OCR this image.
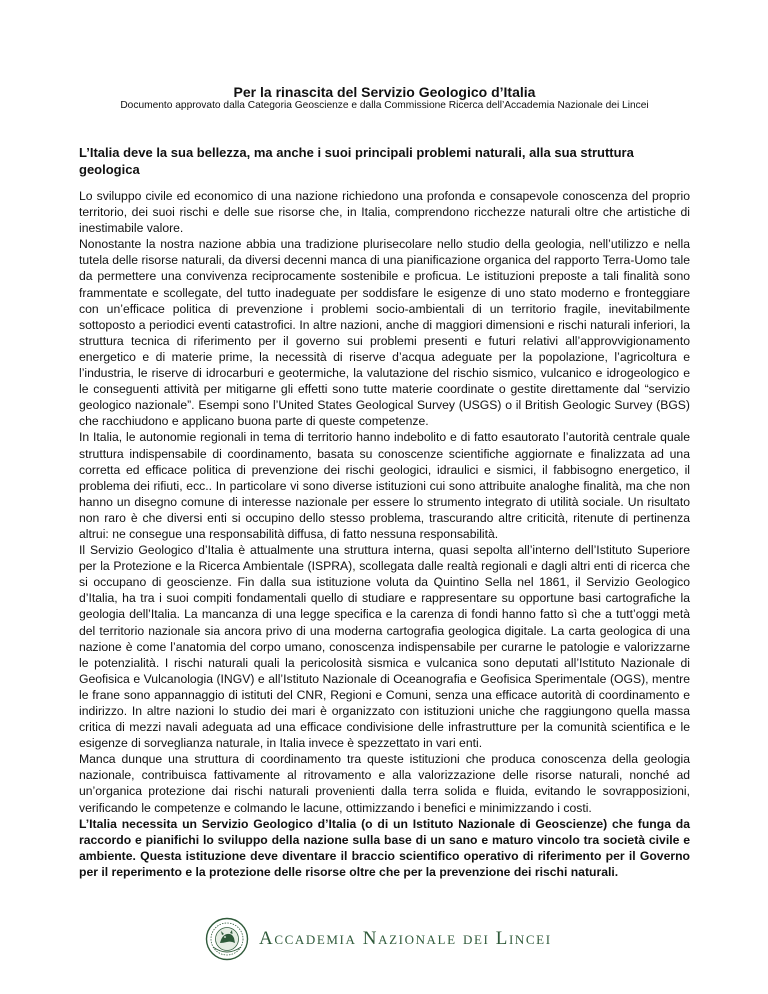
Per la rinascita del Servizio Geologico d’Italia
Documento approvato dalla Categoria Geoscienze e dalla Commissione Ricerca dell’Accademia Nazionale dei Lincei
L’Italia deve la sua bellezza, ma anche i suoi principali problemi naturali, alla sua struttura geologica

Lo sviluppo civile ed economico di una nazione richiedono una profonda e consapevole conoscenza del proprio territorio, dei suoi rischi e delle sue risorse che, in Italia, comprendono ricchezze naturali oltre che artistiche di inestimabile valore.

Nonostante la nostra nazione abbia una tradizione plurisecolare nello studio della geologia, nell’utilizzo e nella tutela delle risorse naturali, da diversi decenni manca di una pianificazione organica del rapporto Terra-Uomo tale da permettere una convivenza reciprocamente sostenibile e proficua. Le istituzioni preposte a tali finalità sono frammentate e scollegate, del tutto inadeguate per soddisfare le esigenze di uno stato moderno e fronteggiare con un’efficace politica di prevenzione i problemi socio-ambientali di un territorio fragile, inevitabilmente sottoposto a periodici eventi catastrofici. In altre nazioni, anche di maggiori dimensioni e rischi naturali inferiori, la struttura tecnica di riferimento per il governo sui problemi presenti e futuri relativi all’approvvigionamento energetico e di materie prime, la necessità di riserve d’acqua adeguate per la popolazione, l’agricoltura e l’industria, le riserve di idrocarburi e geotermiche, la valutazione del rischio sismico, vulcanico e idrogeologico e le conseguenti attività per mitigarne gli effetti sono tutte materie coordinate o gestite direttamente dal “servizio geologico nazionale”. Esempi sono l’United States Geological Survey (USGS) o il British Geologic Survey (BGS) che racchiudono e applicano buona parte di queste competenze.

In Italia, le autonomie regionali in tema di territorio hanno indebolito e di fatto esautorato l’autorità centrale quale struttura indispensabile di coordinamento, basata su conoscenze scientifiche aggiornate e finalizzata ad una corretta ed efficace politica di prevenzione dei rischi geologici, idraulici e sismici, il fabbisogno energetico, il problema dei rifiuti, ecc.. In particolare vi sono diverse istituzioni cui sono attribuite analoghe finalità, ma che non hanno un disegno comune di interesse nazionale per essere lo strumento integrato di utilità sociale. Un risultato non raro è che diversi enti si occupino dello stesso problema, trascurando altre criticità, ritenute di pertinenza altrui: ne consegue una responsabilità diffusa, di fatto nessuna responsabilità.

Il Servizio Geologico d’Italia è attualmente una struttura interna, quasi sepolta all’interno dell’Istituto Superiore per la Protezione e la Ricerca Ambientale (ISPRA), scollegata dalle realtà regionali e dagli altri enti di ricerca che si occupano di geoscienze. Fin dalla sua istituzione voluta da Quintino Sella nel 1861, il Servizio Geologico d’Italia, ha tra i suoi compiti fondamentali quello di studiare e rappresentare su opportune basi cartografiche la geologia dell’Italia. La mancanza di una legge specifica e la carenza di fondi hanno fatto sì che a tutt’oggi metà del territorio nazionale sia ancora privo di una moderna cartografia geologica digitale. La carta geologica di una nazione è come l’anatomia del corpo umano, conoscenza indispensabile per curarne le patologie e valorizzarne le potenzialità. I rischi naturali quali la pericolosità sismica e vulcanica sono deputati all’Istituto Nazionale di Geofisica e Vulcanologia (INGV) e all’Istituto Nazionale di Oceanografia e Geofisica Sperimentale (OGS), mentre le frane sono appannaggio di istituti del CNR, Regioni e Comuni, senza una efficace autorità di coordinamento e indirizzo. In altre nazioni lo studio dei mari è organizzato con istituzioni uniche che raggiungono quella massa critica di mezzi navali adeguata ad una efficace condivisione delle infrastrutture per la comunità scientifica e le esigenze di sorveglianza naturale, in Italia invece è spezzettato in vari enti.

Manca dunque una struttura di coordinamento tra queste istituzioni che produca conoscenza della geologia nazionale, contribuisca fattivamente al ritrovamento e alla valorizzazione delle risorse naturali, nonché ad un’organica protezione dai rischi naturali provenienti dalla terra solida e fluida, evitando le sovrapposizioni, verificando le competenze e colmando le lacune, ottimizzando i benefici e minimizzando i costi.

L’Italia necessita un Servizio Geologico d’Italia (o di un Istituto Nazionale di Geoscienze) che funga da raccordo e pianifichi lo sviluppo della nazione sulla base di un sano e maturo vincolo tra società civile e ambiente. Questa istituzione deve diventare il braccio scientifico operativo di riferimento per il Governo per il reperimento e la protezione delle risorse oltre che per la prevenzione dei rischi naturali.

Accademia Nazionale dei Lincei
